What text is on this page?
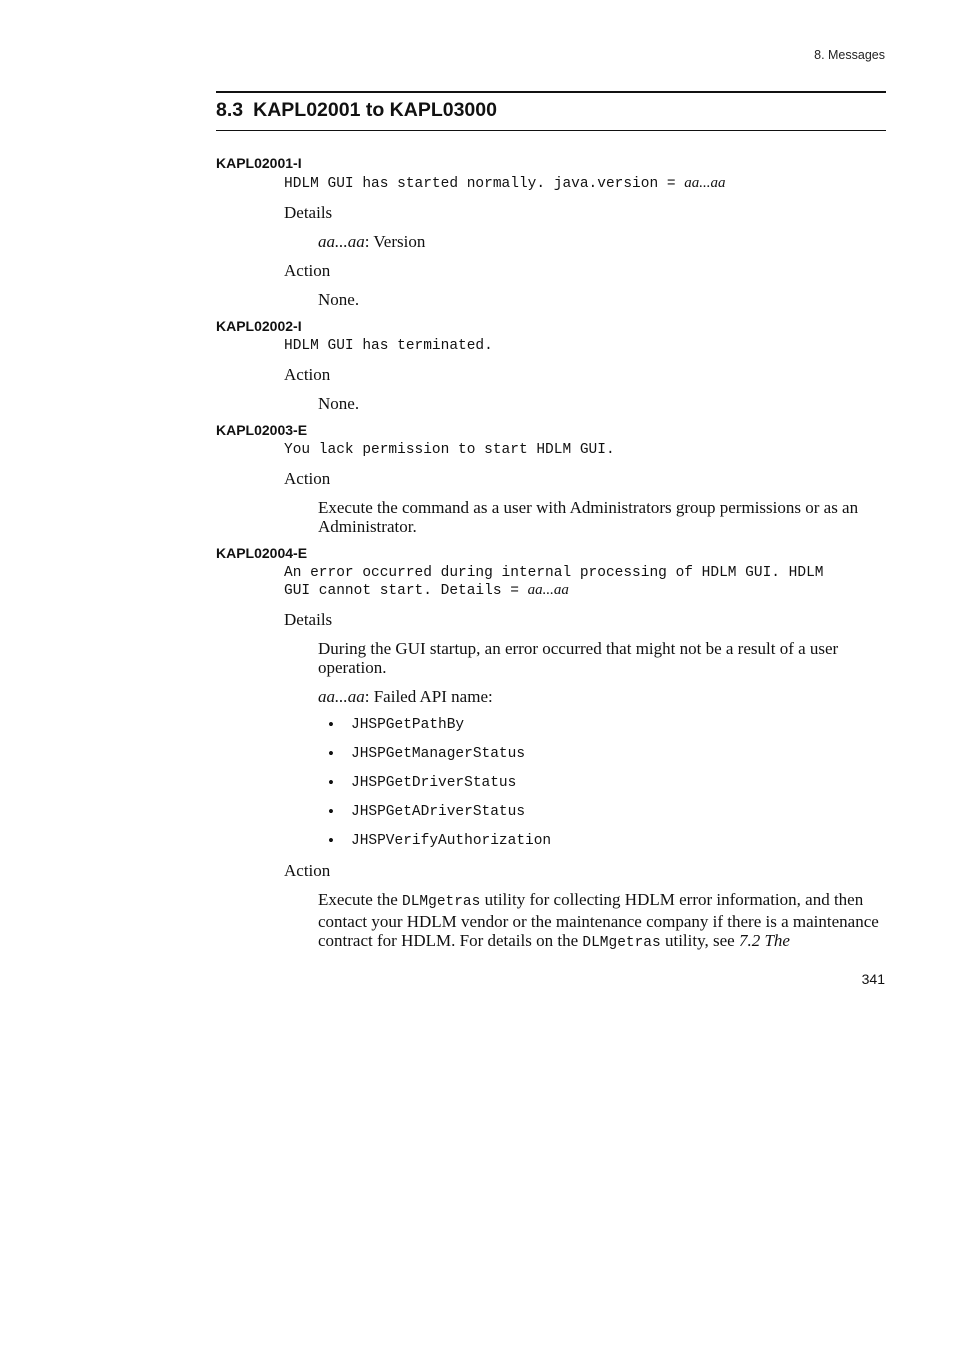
8. Messages
8.3 KAPL02001 to KAPL03000
KAPL02001-I
HDLM GUI has started normally. java.version = aa...aa
Details
aa...aa: Version
Action
None.
KAPL02002-I
HDLM GUI has terminated.
Action
None.
KAPL02003-E
You lack permission to start HDLM GUI.
Action
Execute the command as a user with Administrators group permissions or as an Administrator.
KAPL02004-E
An error occurred during internal processing of HDLM GUI. HDLM
GUI cannot start. Details = aa...aa
Details
During the GUI startup, an error occurred that might not be a result of a user operation.
aa...aa: Failed API name:
• JHSPGetPathBy
• JHSPGetManagerStatus
• JHSPGetDriverStatus
• JHSPGetADriverStatus
• JHSPVerifyAuthorization
Action
Execute the DLMgetras utility for collecting HDLM error information, and then contact your HDLM vendor or the maintenance company if there is a maintenance contract for HDLM. For details on the DLMgetras utility, see 7.2 The
341
